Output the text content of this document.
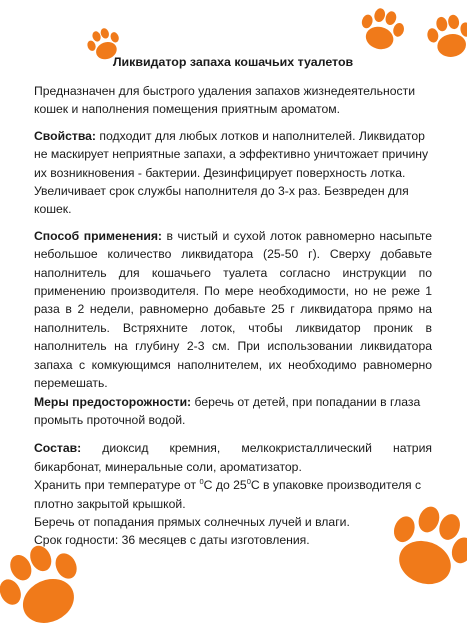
Ликвидатор запаха кошачьих туалетов

Предназначен для быстрого удаления запахов жизнедеятельности кошек и наполнения помещения приятным ароматом.

Свойства: подходит для любых лотков и наполнителей. Ликвидатор не маскирует неприятные запахи, а эффективно уничтожает причину их возникновения - бактерии. Дезинфицирует поверхность лотка. Увеличивает срок службы наполнителя до 3-х раз. Безвреден для кошек.

Способ применения: в чистый и сухой лоток равномерно насыпьте небольшое количество ликвидатора (25-50 г). Сверху добавьте наполнитель для кошачьего туалета согласно инструкции по применению производителя. По мере необходимости, но не реже 1 раза в 2 недели, равномерно добавьте 25 г ликвидатора прямо на наполнитель. Встряхните лоток, чтобы ликвидатор проник в наполнитель на глубину 2-3 см. При использовании ликвидатора запаха с комкующимся наполнителем, их необходимо равномерно перемешать.

Меры предосторожности: беречь от детей, при попадании в глаза промыть проточной водой.

Состав: диоксид кремния, мелкокристаллический натрия бикарбонат, минеральные соли, ароматизатор.

Хранить при температуре от $^0$С до $25^0С$ в упаковке производителя с плотно закрытой крышкой.

Беречь от попадания прямых солнечных лучей и влаги.

Срок годности: 36 месяцев с даты изготовления.
